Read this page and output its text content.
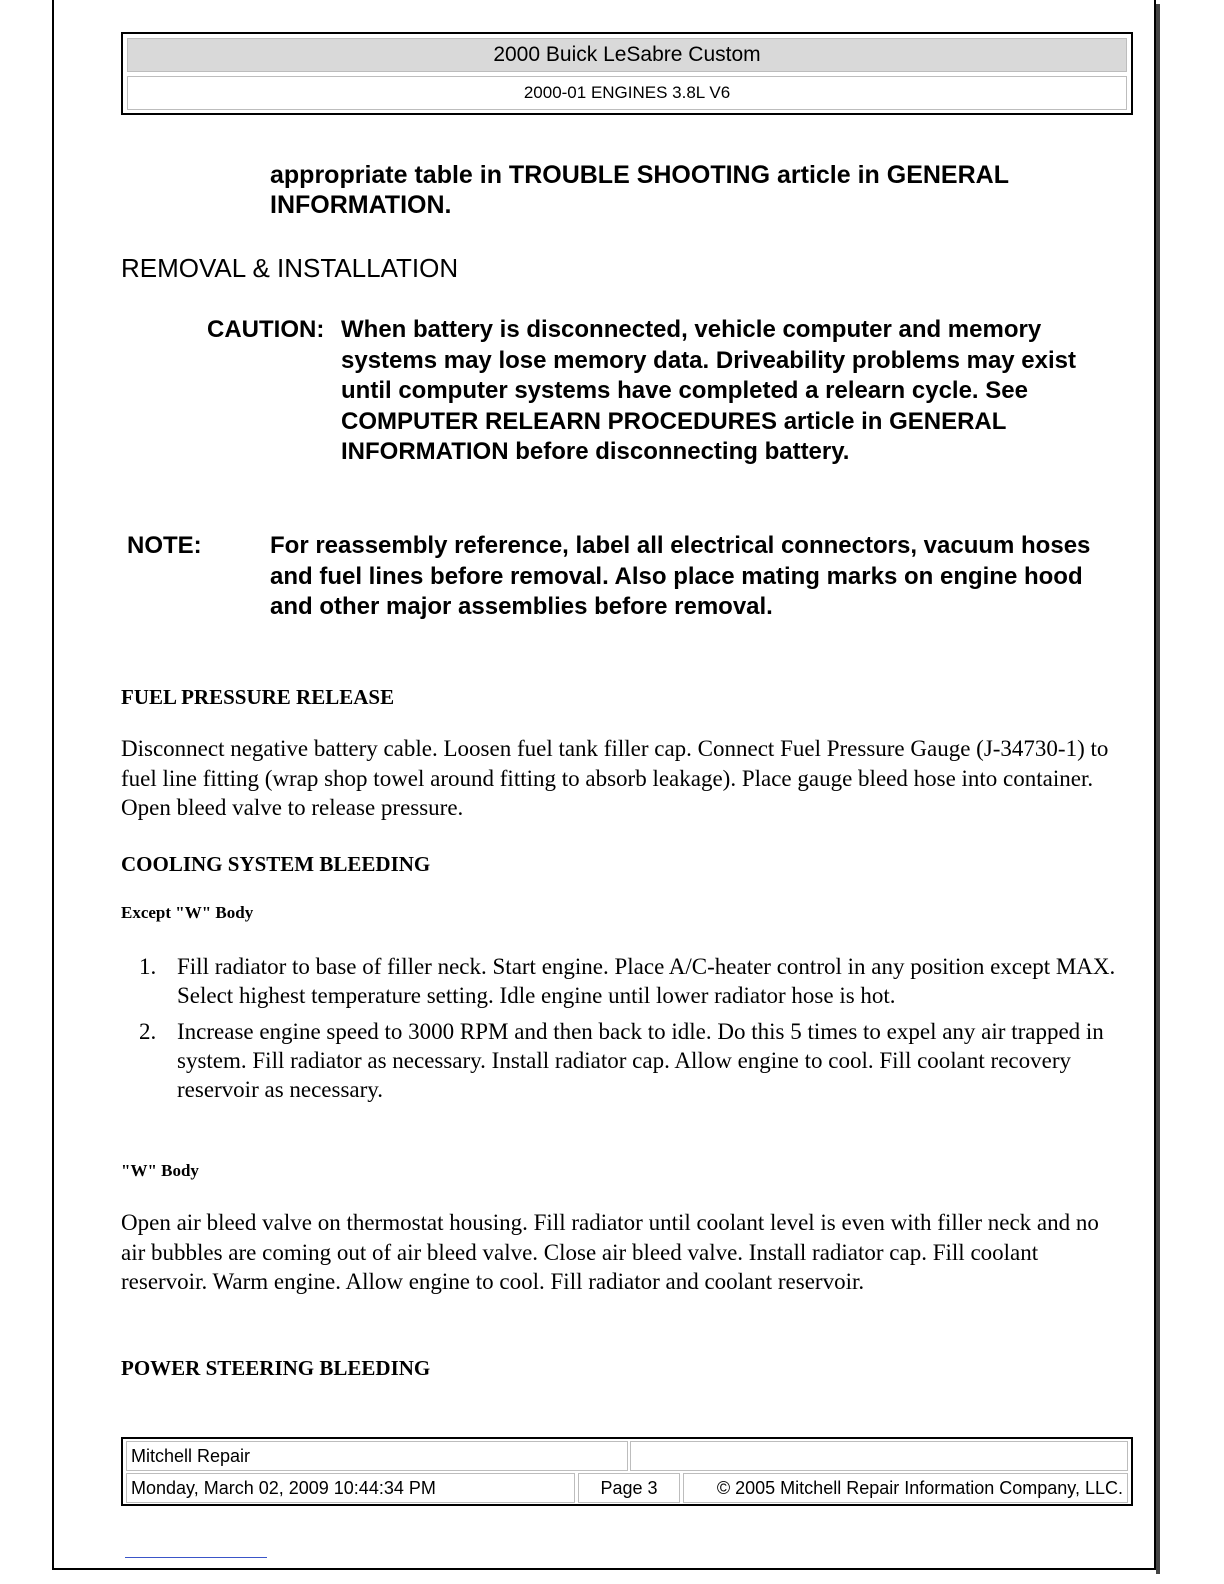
2000 Buick LeSabre Custom
2000-01 ENGINES 3.8L V6
appropriate table in TROUBLE SHOOTING article in GENERAL INFORMATION.
REMOVAL & INSTALLATION
CAUTION: When battery is disconnected, vehicle computer and memory systems may lose memory data. Driveability problems may exist until computer systems have completed a relearn cycle. See COMPUTER RELEARN PROCEDURES article in GENERAL INFORMATION before disconnecting battery.
NOTE:	For reassembly reference, label all electrical connectors, vacuum hoses and fuel lines before removal. Also place mating marks on engine hood and other major assemblies before removal.
FUEL PRESSURE RELEASE
Disconnect negative battery cable. Loosen fuel tank filler cap. Connect Fuel Pressure Gauge (J-34730-1) to fuel line fitting (wrap shop towel around fitting to absorb leakage). Place gauge bleed hose into container. Open bleed valve to release pressure.
COOLING SYSTEM BLEEDING
Except "W" Body
1. Fill radiator to base of filler neck. Start engine. Place A/C-heater control in any position except MAX. Select highest temperature setting. Idle engine until lower radiator hose is hot.
2. Increase engine speed to 3000 RPM and then back to idle. Do this 5 times to expel any air trapped in system. Fill radiator as necessary. Install radiator cap. Allow engine to cool. Fill coolant recovery reservoir as necessary.
"W" Body
Open air bleed valve on thermostat housing. Fill radiator until coolant level is even with filler neck and no air bubbles are coming out of air bleed valve. Close air bleed valve. Install radiator cap. Fill coolant reservoir. Warm engine. Allow engine to cool. Fill radiator and coolant reservoir.
POWER STEERING BLEEDING
Mitchell Repair
Monday, March 02, 2009 10:44:34 PM	Page 3	© 2005 Mitchell Repair Information Company, LLC.
